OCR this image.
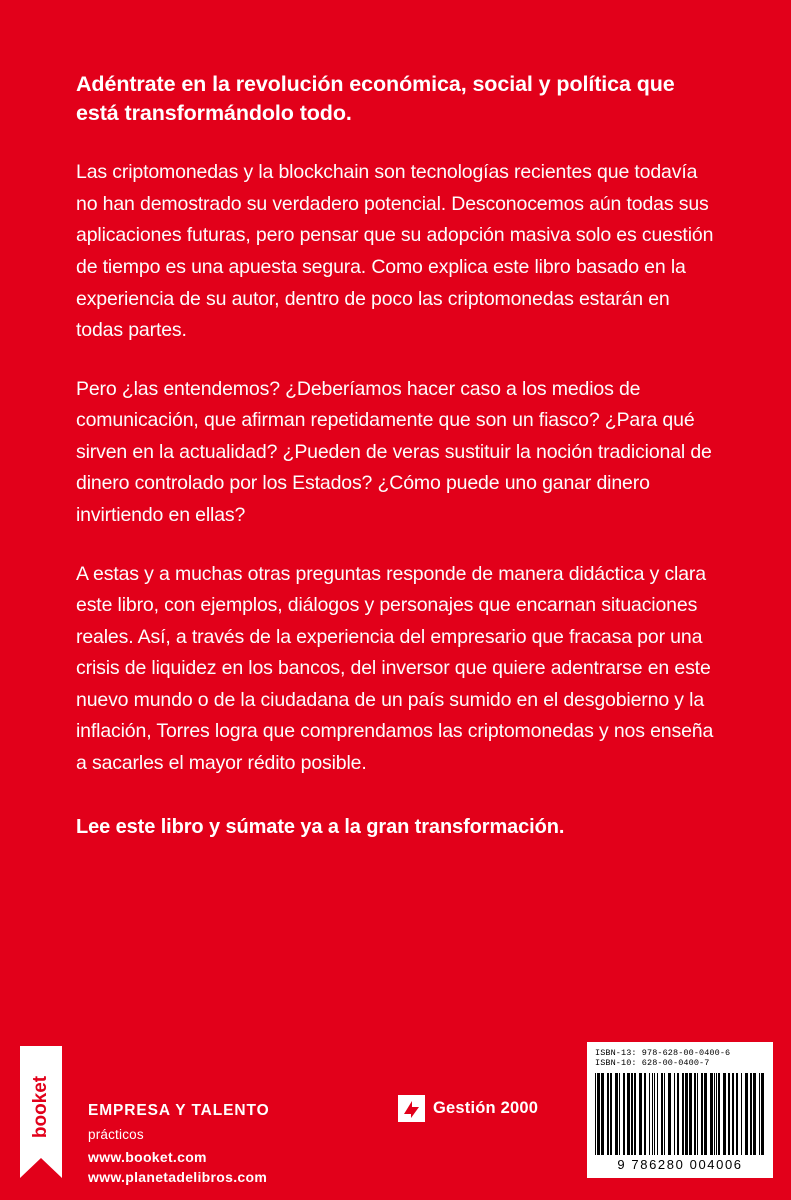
Adéntrate en la revolución económica, social y política que está transformándolo todo.

Las criptomonedas y la blockchain son tecnologías recientes que todavía no han demostrado su verdadero potencial. Desconocemos aún todas sus aplicaciones futuras, pero pensar que su adopción masiva solo es cuestión de tiempo es una apuesta segura. Como explica este libro basado en la experiencia de su autor, dentro de poco las criptomonedas estarán en todas partes.

Pero ¿las entendemos? ¿Deberíamos hacer caso a los medios de comunicación, que afirman repetidamente que son un fiasco? ¿Para qué sirven en la actualidad? ¿Pueden de veras sustituir la noción tradicional de dinero controlado por los Estados? ¿Cómo puede uno ganar dinero invirtiendo en ellas?

A estas y a muchas otras preguntas responde de manera didáctica y clara este libro, con ejemplos, diálogos y personajes que encarnan situaciones reales. Así, a través de la experiencia del empresario que fracasa por una crisis de liquidez en los bancos, del inversor que quiere adentrarse en este nuevo mundo o de la ciudadana de un país sumido en el desgobierno y la inflación, Torres logra que comprendamos las criptomonedas y nos enseña a sacarles el mayor rédito posible.

Lee este libro y súmate ya a la gran transformación.

booket EMPRESA Y TALENTO

prácticos

www.booket.com
www.planetadelibros.com
Gestión 2000
ISBN-13: 978-628-00-0400-6
ISBN-10: 628-00-0400-7
9 786280 004006
